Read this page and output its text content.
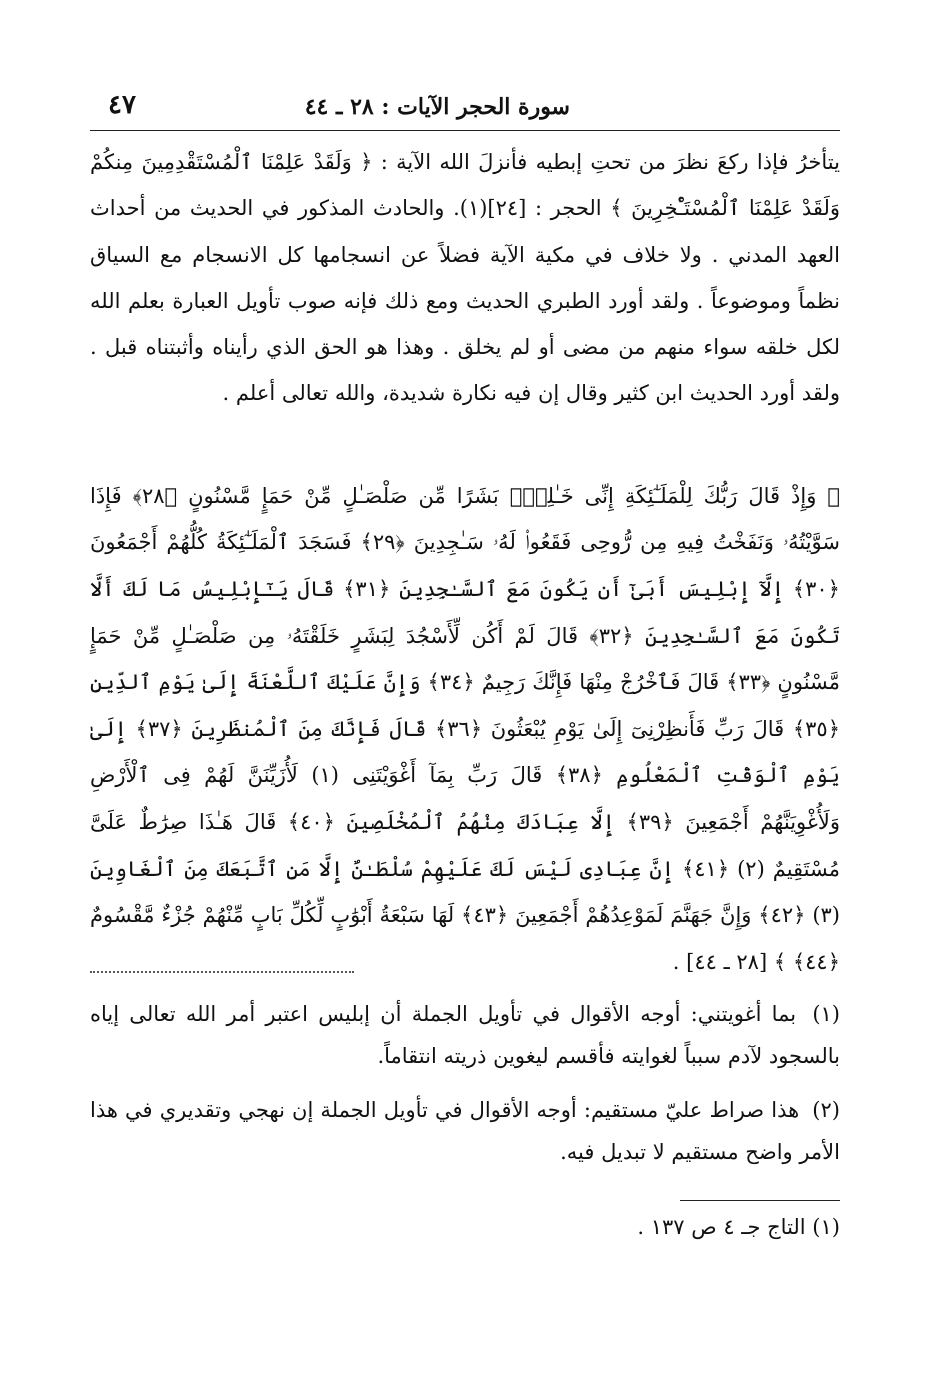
سورة الحجر الآيات : ٢٨ ـ ٤٤
٤٧

يتأخرُ فإذا ركعَ نظرَ من تحتِ إبطيه فأنزلَ الله الآية : ﴿ وَلَقَدْ عَلِمْنَا ٱلْمُسْتَقْدِمِينَ مِنكُمْ وَلَقَدْ عَلِمْنَا ٱلْمُسْتَـْٔخِرِينَ ﴾ الحجر : [٢٤](١). والحادث المذكور في الحديث من أحداث العهد المدني . ولا خلاف في مكية الآية فضلاً عن انسجامها كل الانسجام مع السياق نظماً وموضوعاً . ولقد أورد الطبري الحديث ومع ذلك فإنه صوب تأويل العبارة بعلم الله لكل خلقه سواء منهم من مضى أو لم يخلق . وهذا هو الحق الذي رأيناه وأثبتناه قبل . ولقد أورد الحديث ابن كثير وقال إن فيه نكارة شديدة، والله تعالى أعلم .

﴿ وَإِذْ قَالَ رَبُّكَ لِلْمَلَـٰٓئِكَةِ إِنِّى خَـٰلِقٌۢ بَشَرًا مِّن صَلْصَـٰلٍ مِّنْ حَمَإٍ مَّسْنُونٍ ﴿٢٨﴾ فَإِذَا سَوَّيْتُهُۥ وَنَفَخْتُ فِيهِ مِن رُّوحِى فَقَعُوا۟ لَهُۥ سَـٰجِدِينَ ﴿٢٩﴾ فَسَجَدَ ٱلْمَلَـٰٓئِكَةُ كُلُّهُمْ أَجْمَعُونَ ﴿٣٠﴾ إِلَّآ إِبْلِيسَ أَبَىٰٓ أَن يَكُونَ مَعَ ٱلسَّـٰجِدِينَ ﴿٣١﴾ قَالَ يَـٰٓإِبْلِيسُ مَا لَكَ أَلَّا تَكُونَ مَعَ ٱلسَّـٰجِدِينَ ﴿٣٢﴾ قَالَ لَمْ أَكُن لِّأَسْجُدَ لِبَشَرٍ خَلَقْتَهُۥ مِن صَلْصَـٰلٍ مِّنْ حَمَإٍ مَّسْنُونٍ ﴿٣٣﴾ قَالَ فَٱخْرُجْ مِنْهَا فَإِنَّكَ رَجِيمٌ ﴿٣٤﴾ وَإِنَّ عَلَيْكَ ٱللَّعْنَةَ إِلَىٰ يَوْمِ ٱلدِّينِ ﴿٣٥﴾ قَالَ رَبِّ فَأَنظِرْنِىٓ إِلَىٰ يَوْمِ يُبْعَثُونَ ﴿٣٦﴾ قَالَ فَإِنَّكَ مِنَ ٱلْمُنظَرِينَ ﴿٣٧﴾ إِلَىٰ يَوْمِ ٱلْوَقْتِ ٱلْمَعْلُومِ ﴿٣٨﴾ قَالَ رَبِّ بِمَآ أَغْوَيْتَنِى (١) لَأُزَيِّنَنَّ لَهُمْ فِى ٱلْأَرْضِ وَلَأُغْوِيَنَّهُمْ أَجْمَعِينَ ﴿٣٩﴾ إِلَّا عِبَادَكَ مِنْهُمُ ٱلْمُخْلَصِينَ ﴿٤٠﴾ قَالَ هَـٰذَا صِرَٰطٌ عَلَىَّ مُسْتَقِيمٌ (٢) ﴿٤١﴾ إِنَّ عِبَادِى لَيْسَ لَكَ عَلَيْهِمْ سُلْطَـٰنٌ إِلَّا مَنِ ٱتَّبَعَكَ مِنَ ٱلْغَاوِينَ (٣) ﴿٤٢﴾ وَإِنَّ جَهَنَّمَ لَمَوْعِدُهُمْ أَجْمَعِينَ ﴿٤٣﴾ لَهَا سَبْعَةُ أَبْوَٰبٍ لِّكُلِّ بَابٍ مِّنْهُمْ جُزْءٌ مَّقْسُومٌ ﴿٤٤﴾ ﴾ [٢٨ ـ ٤٤] .

(١) بما أغويتني: أوجه الأقوال في تأويل الجملة أن إبليس اعتبر أمر الله تعالى إياه بالسجود لآدم سبباً لغوايته فأقسم ليغوين ذريته انتقاماً.

(٢) هذا صراط عليّ مستقيم: أوجه الأقوال في تأويل الجملة إن نهجي وتقديري في هذا الأمر واضح مستقيم لا تبديل فيه.

(١) التاج جـ ٤ ص ١٣٧ .
